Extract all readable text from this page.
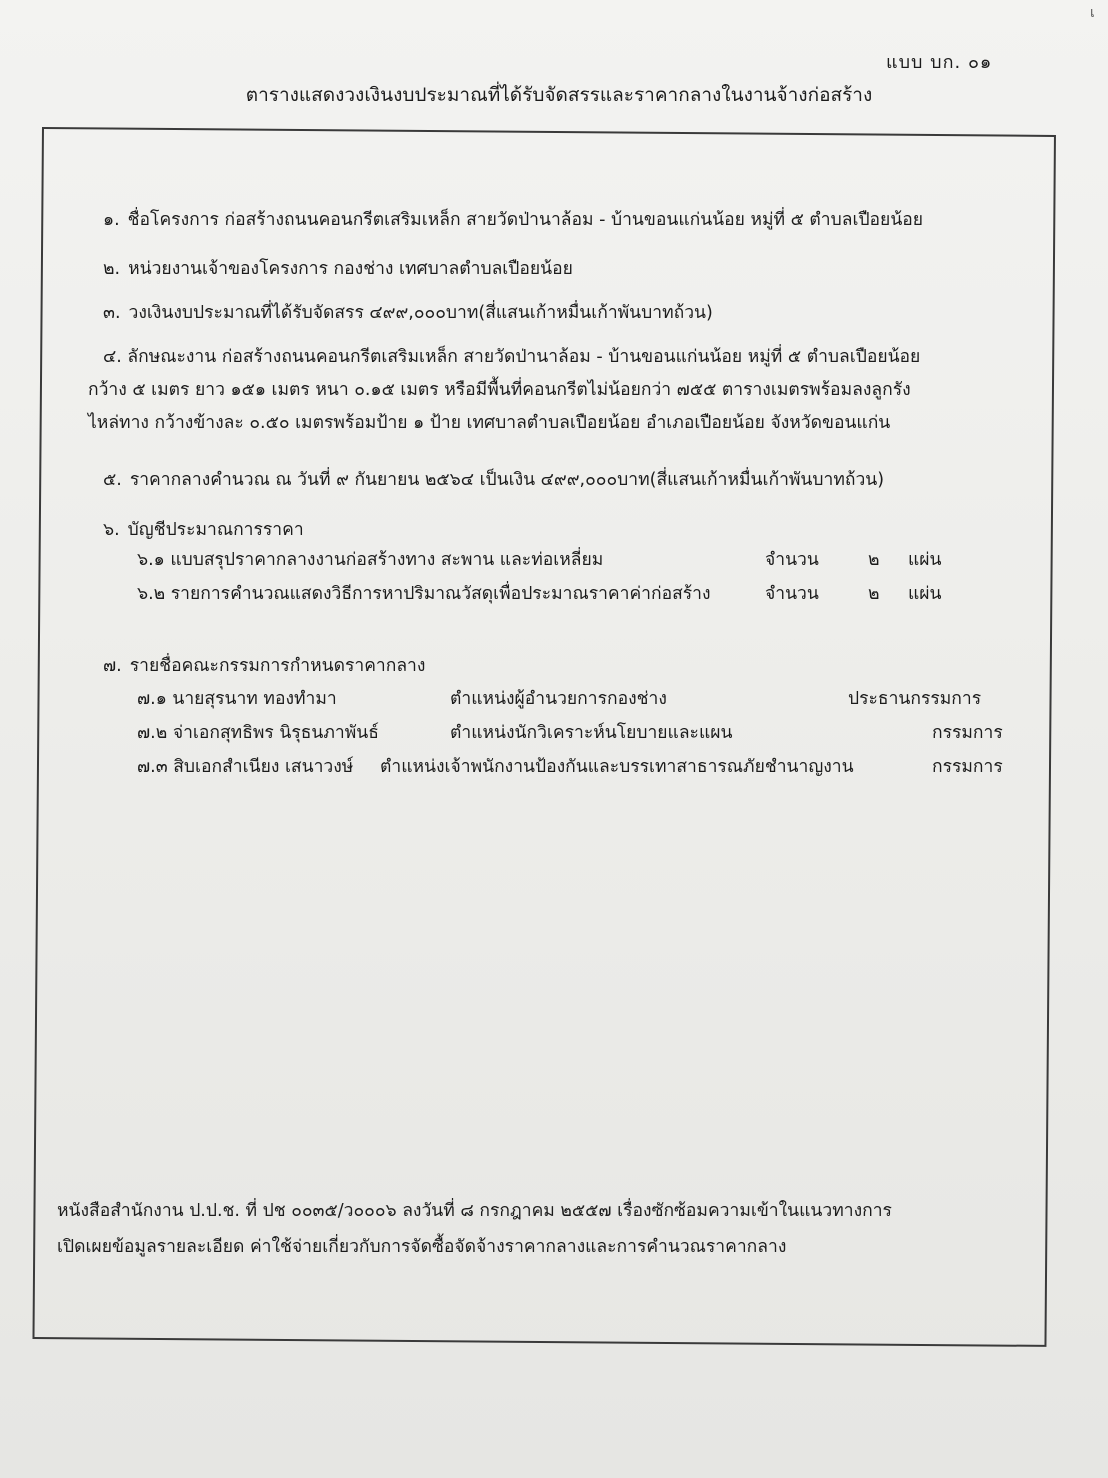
เ
แบบ บก. ๐๑
ตารางแสดงวงเงินงบประมาณที่ได้รับจัดสรรและราคากลางในงานจ้างก่อสร้าง
๑. ชื่อโครงการ ก่อสร้างถนนคอนกรีตเสริมเหล็ก สายวัดป่านาล้อม - บ้านขอนแก่นน้อย หมู่ที่ ๕ ตำบลเปือยน้อย
๒. หน่วยงานเจ้าของโครงการ กองช่าง เทศบาลตำบลเปือยน้อย
๓. วงเงินงบประมาณที่ได้รับจัดสรร ๔๙๙,๐๐๐บาท(สี่แสนเก้าหมื่นเก้าพันบาทถ้วน)
๔. ลักษณะงาน ก่อสร้างถนนคอนกรีตเสริมเหล็ก สายวัดป่านาล้อม - บ้านขอนแก่นน้อย หมู่ที่ ๕ ตำบลเปือยน้อย
กว้าง ๕ เมตร ยาว ๑๕๑ เมตร หนา ๐.๑๕ เมตร หรือมีพื้นที่คอนกรีตไม่น้อยกว่า ๗๕๕ ตารางเมตรพร้อมลงลูกรัง
ไหล่ทาง กว้างข้างละ ๐.๕๐ เมตรพร้อมป้าย ๑ ป้าย เทศบาลตำบลเปือยน้อย อำเภอเปือยน้อย จังหวัดขอนแก่น
๕. ราคากลางคำนวณ ณ วันที่ ๙ กันยายน ๒๕๖๔ เป็นเงิน ๔๙๙,๐๐๐บาท(สี่แสนเก้าหมื่นเก้าพันบาทถ้วน)
๖. บัญชีประมาณการราคา
๖.๑ แบบสรุปราคากลางงานก่อสร้างทาง สะพาน และท่อเหลี่ยม	จำนวน	๒ แผ่น
๖.๒ รายการคำนวณแสดงวิธีการหาปริมาณวัสดุเพื่อประมาณราคาค่าก่อสร้าง	จำนวน	๒ แผ่น
๗. รายชื่อคณะกรรมการกำหนดราคากลาง
๗.๑ นายสุรนาท ทองทำมา	ตำแหน่งผู้อำนวยการกองช่าง	ประธานกรรมการ
๗.๒ จ่าเอกสุทธิพร นิรุธนภาพันธ์	ตำแหน่งนักวิเคราะห์นโยบายและแผน	กรรมการ
๗.๓ สิบเอกสำเนียง เสนาวงษ์ ตำแหน่งเจ้าพนักงานป้องกันและบรรเทาสาธารณภัยชำนาญงาน	กรรมการ
หนังสือสำนักงาน ป.ป.ช. ที่ ปช ๐๐๓๕/ว๐๐๐๖ ลงวันที่ ๘ กรกฎาคม ๒๕๕๗ เรื่องซักซ้อมความเข้าในแนวทางการ
เปิดเผยข้อมูลรายละเอียด ค่าใช้จ่ายเกี่ยวกับการจัดซื้อจัดจ้างราคากลางและการคำนวณราคากลาง
